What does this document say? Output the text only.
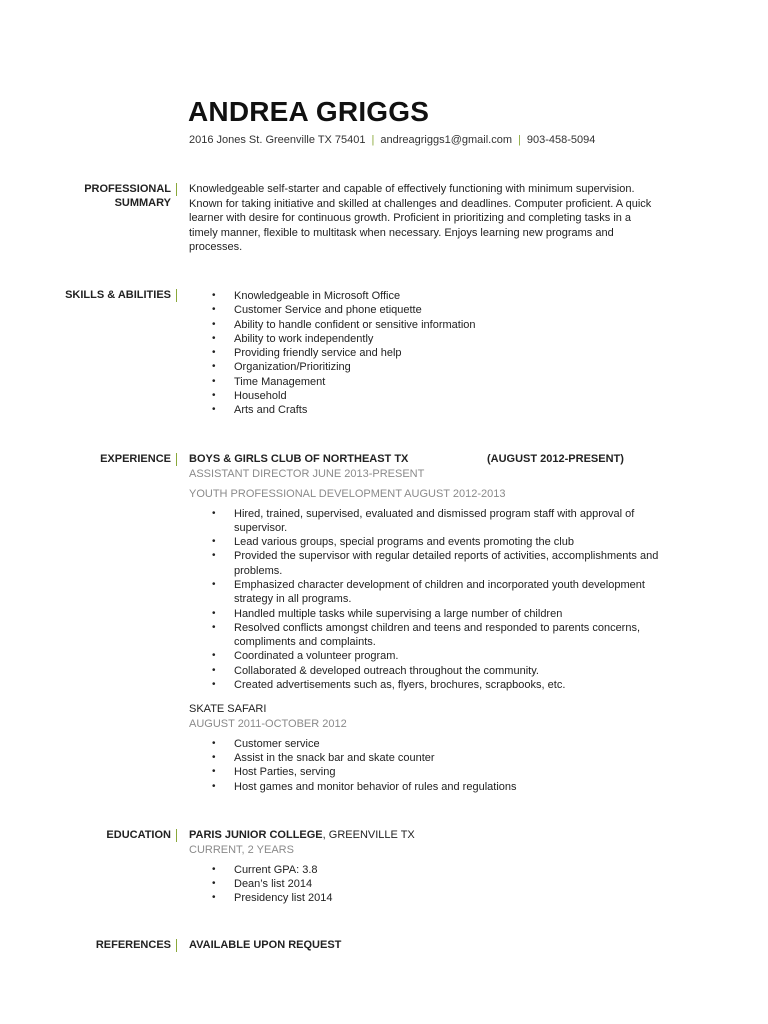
ANDREA GRIGGS
2016 Jones St. Greenville TX 75401 | andreagriggs1@gmail.com | 903-458-5094
PROFESSIONAL
SUMMARY

Knowledgeable self-starter and capable of effectively functioning with minimum supervision. Known for taking initiative and skilled at challenges and deadlines. Computer proficient. A quick learner with desire for continuous growth. Proficient in prioritizing and completing tasks in a timely manner, flexible to multitask when necessary. Enjoys learning new programs and processes.

SKILLS & ABILITIES
•	Knowledgeable in Microsoft Office
• Customer Service and phone etiquette
• Ability to handle confident or sensitive information
• Ability to work independently
• Providing friendly service and help
• Organization/Prioritizing
• Time Management
• Household
• Arts and Crafts
EXPERIENCE BOYS & GIRLS CLUB OF NORTHEAST TX	(AUGUST 2012-PRESENT)
ASSISTANT DIRECTOR JUNE 2013-PRESENT
YOUTH PROFESSIONAL DEVELOPMENT AUGUST 2012-2013
• Hired, trained, supervised, evaluated and dismissed program staff with approval of supervisor.
• Lead various groups, special programs and events promoting the club
• Provided the supervisor with regular detailed reports of activities, accomplishments and problems.
• Emphasized character development of children and incorporated youth development strategy in all programs.
• Handled multiple tasks while supervising a large number of children
• Resolved conflicts amongst children and teens and responded to parents concerns, compliments and complaints.
• Coordinated a volunteer program.
• Collaborated & developed outreach throughout the community.
• Created advertisements such as, flyers, brochures, scrapbooks, etc.
SKATE SAFARI
AUGUST 2011-OCTOBER 2012
• Customer service
• Assist in the snack bar and skate counter
• Host Parties, serving
• Host games and monitor behavior of rules and regulations
EDUCATION PARIS JUNIOR COLLEGE, GREENVILLE TX
CURRENT, 2 YEARS
• Current GPA: 3.8
• Dean’s list 2014
• Presidency list 2014
REFERENCES AVAILABLE UPON REQUEST
